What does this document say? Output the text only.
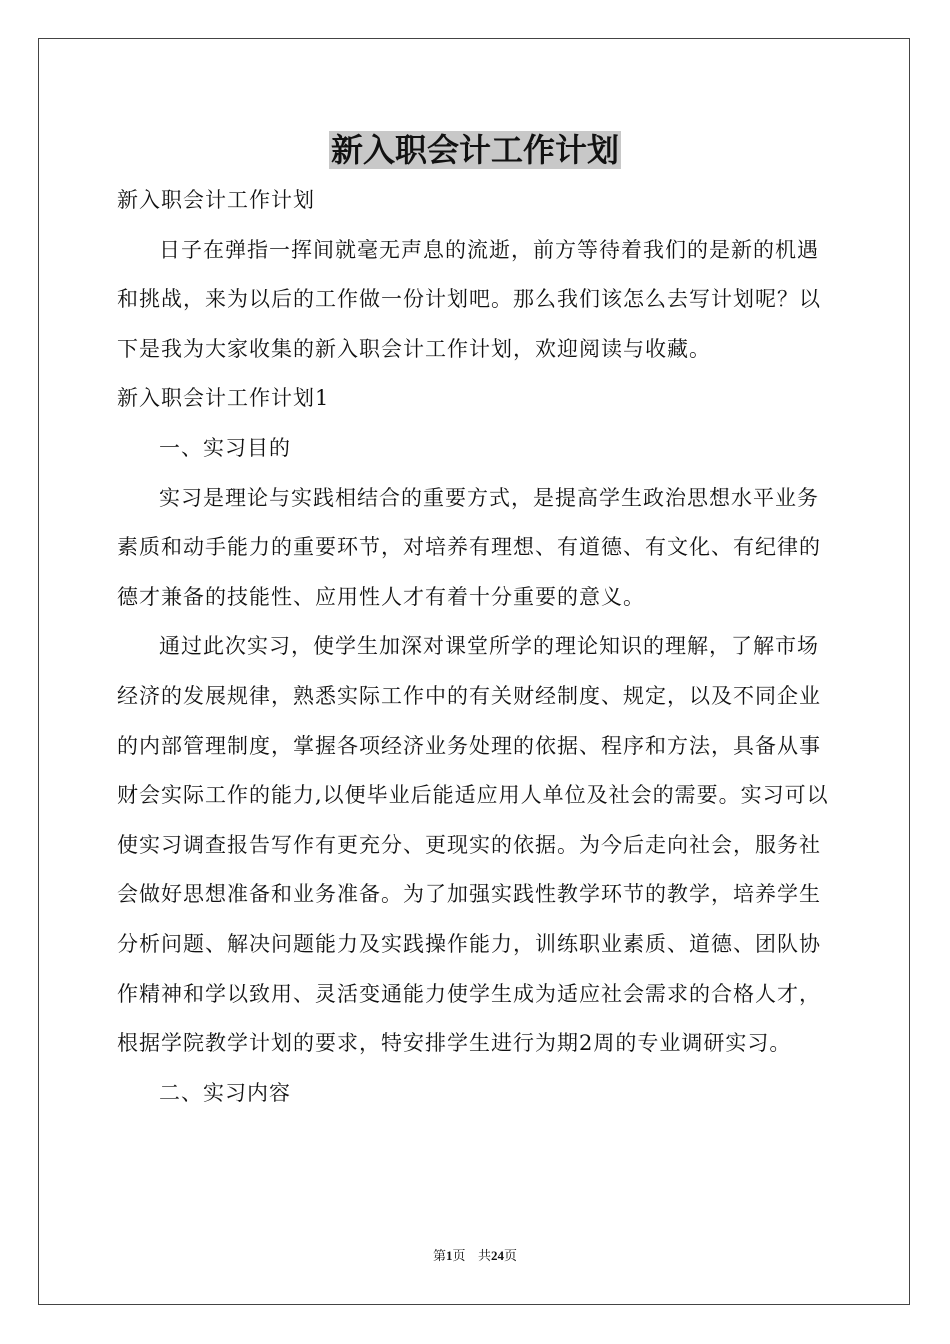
新入职会计工作计划

新入职会计工作计划

日子在弹指一挥间就毫无声息的流逝，前方等待着我们的是新的机遇和挑战，来为以后的工作做一份计划吧。那么我们该怎么去写计划呢？以下是我为大家收集的新入职会计工作计划，欢迎阅读与收藏。

新入职会计工作计划1

一、实习目的

实习是理论与实践相结合的重要方式，是提高学生政治思想水平业务素质和动手能力的重要环节，对培养有理想、有道德、有文化、有纪律的德才兼备的技能性、应用性人才有着十分重要的意义。

通过此次实习，使学生加深对课堂所学的理论知识的理解，了解市场经济的发展规律，熟悉实际工作中的有关财经制度、规定，以及不同企业的内部管理制度，掌握各项经济业务处理的依据、程序和方法，具备从事财会实际工作的能力,以便毕业后能适应用人单位及社会的需要。实习可以使实习调查报告写作有更充分、更现实的依据。为今后走向社会，服务社会做好思想准备和业务准备。为了加强实践性教学环节的教学，培养学生分析问题、解决问题能力及实践操作能力，训练职业素质、道德、团队协作精神和学以致用、灵活变通能力使学生成为适应社会需求的合格人才，根据学院教学计划的要求，特安排学生进行为期2周的专业调研实习。

二、实习内容

第1页 共24页
